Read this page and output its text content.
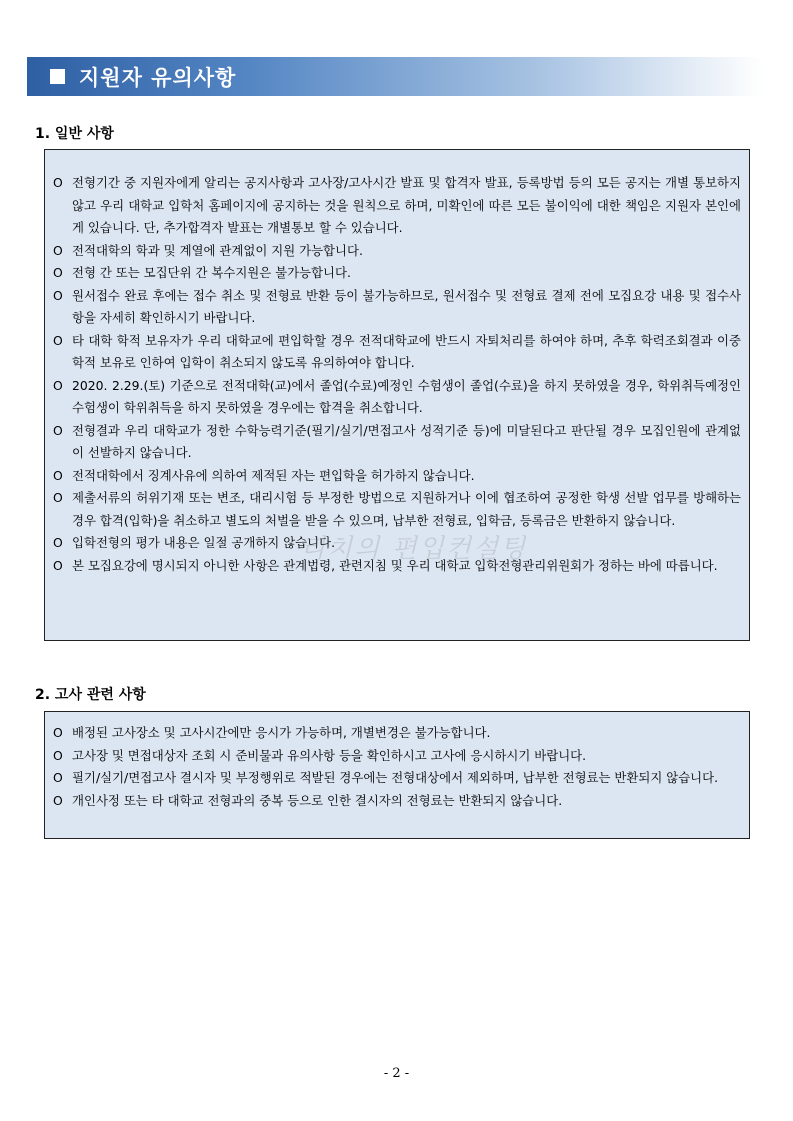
지원자 유의사항
1. 일반 사항
O 전형기간 중 지원자에게 알리는 공지사항과 고사장/고사시간 발표 및 합격자 발표, 등록방법 등의 모든 공지는 개별 통보하지 않고 우리 대학교 입학처 홈페이지에 공지하는 것을 원칙으로 하며, 미확인에 따른 모든 불이익에 대한 책임은 지원자 본인에게 있습니다. 단, 추가합격자 발표는 개별통보 할 수 있습니다.
O 전적대학의 학과 및 계열에 관계없이 지원 가능합니다.
O 전형 간 또는 모집단위 간 복수지원은 불가능합니다.
O 원서접수 완료 후에는 접수 취소 및 전형료 반환 등이 불가능하므로, 원서접수 및 전형료 결제 전에 모집요강 내용 및 접수사항을 자세히 확인하시기 바랍니다.
O 타 대학 학적 보유자가 우리 대학교에 편입학할 경우 전적대학교에 반드시 자퇴처리를 하여야 하며, 추후 학력조회결과 이중학적 보유로 인하여 입학이 취소되지 않도록 유의하여야 합니다.
O 2020. 2.29.(토) 기준으로 전적대학(교)에서 졸업(수료)예정인 수험생이 졸업(수료)을 하지 못하였을 경우, 학위취득예정인 수험생이 학위취득을 하지 못하였을 경우에는 합격을 취소합니다.
O 전형결과 우리 대학교가 정한 수학능력기준(필기/실기/면접고사 성적기준 등)에 미달된다고 판단될 경우 모집인원에 관계없이 선발하지 않습니다.
O 전적대학에서 징계사유에 의하여 제적된 자는 편입학을 허가하지 않습니다.
O 제출서류의 허위기재 또는 변조, 대리시험 등 부정한 방법으로 지원하거나 이에 협조하여 공정한 학생 선발 업무를 방해하는 경우 합격(입학)을 취소하고 별도의 처벌을 받을 수 있으며, 납부한 전형료, 입학금, 등록금은 반환하지 않습니다.
O 입학전형의 평가 내용은 일절 공개하지 않습니다.
O 본 모집요강에 명시되지 아니한 사항은 관계법령, 관련지침 및 우리 대학교 입학전형관리위원회가 정하는 바에 따릅니다.
리치의 편입컨설팅
2. 고사 관련 사항
O 배정된 고사장소 및 고사시간에만 응시가 가능하며, 개별변경은 불가능합니다.
O 고사장 및 면접대상자 조회 시 준비물과 유의사항 등을 확인하시고 고사에 응시하시기 바랍니다.
O 필기/실기/면접고사 결시자 및 부정행위로 적발된 경우에는 전형대상에서 제외하며, 납부한 전형료는 반환되지 않습니다.
O 개인사정 또는 타 대학교 전형과의 중복 등으로 인한 결시자의 전형료는 반환되지 않습니다.
- 2 -
